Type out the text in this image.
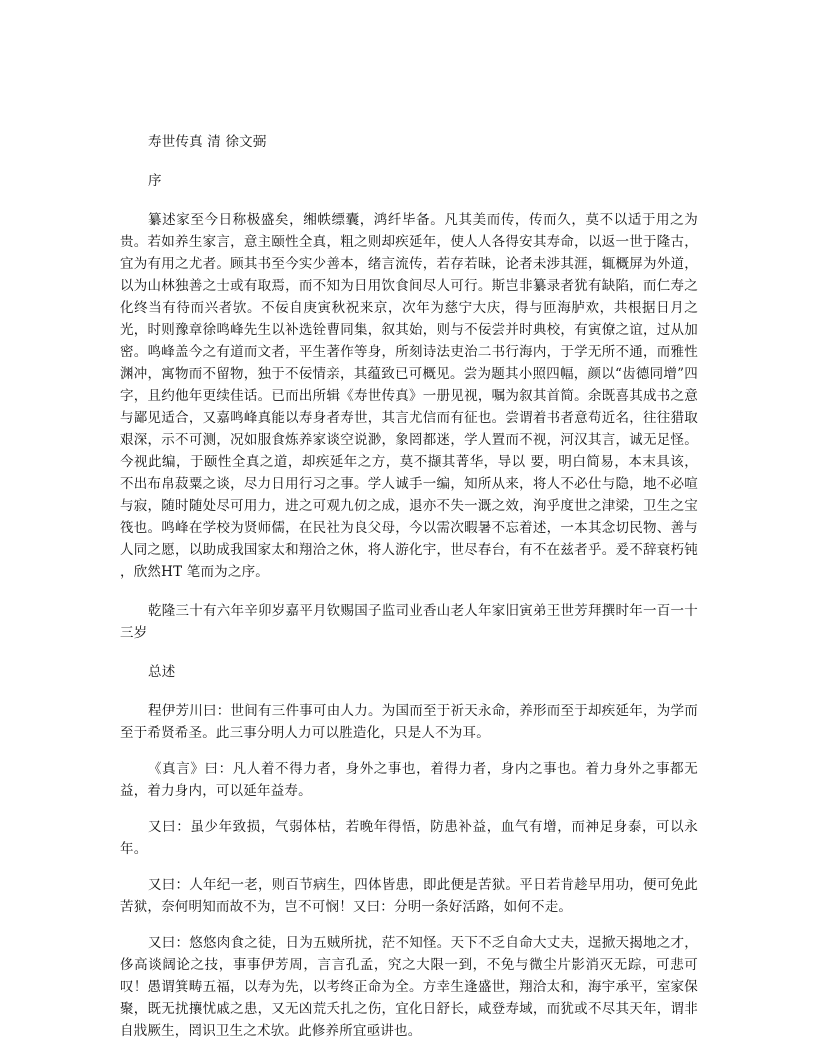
寿世传真 清 徐文弼

序

纂述家至今日称极盛矣，缃帙缥囊，鸿纤毕备。凡其美而传，传而久，莫不以适于用之为贵。若如养生家言，意主颐性全真，粗之则却疾延年，使人人各得安其寿命，以返一世于隆古，宜为有用之尤者。顾其书至今实少善本，绪言流传，若存若昧，论者未涉其涯，辄概屏为外道，以为山林独善之士或有取焉，而不知为日用饮食间尽人可行。斯岂非纂录者犹有缺陷，而仁寿之化终当有待而兴者欤。不佞自庚寅秋祝来京，次年为慈宁大庆，得与匝海胪欢，共根据日月之光，时则豫章徐鸣峰先生以补选铨曹同集，叙其始，则与不佞尝并时典校，有寅僚之谊，过从加密。鸣峰盖今之有道而文者，平生著作等身，所刻诗法吏治二书行海内，于学无所不通，而雅性渊冲，寓物而不留物，独于不佞情亲，其蕴致已可概见。尝为题其小照四幅，颜以“齿德同增”四字，且约他年更续佳话。已而出所辑《寿世传真》一册见视，嘱为叙其首简。余既喜其成书之意与鄙见适合，又嘉鸣峰真能以寿身者寿世，其言尤信而有征也。尝谓着书者意苟近名，往往猎取艰深，示不可测，况如服食炼养家谈空说渺，象罔都迷，学人置而不视，河汉其言，诚无足怪。今视此编，于颐性全真之道，却疾延年之方，莫不撷其菁华，导以 要，明白简易，本末具该，不出布帛菽粟之谈，尽力日用行习之事。学人诚手一编，知所从来，将人不必仕与隐，地不必喧与寂，随时随处尽可用力，进之可观九仞之成，退亦不失一溉之效，洵乎度世之津梁，卫生之宝筏也。鸣峰在学校为贤师儒，在民社为良父母，今以需次暇暑不忘着述，一本其念切民物、善与人同之愿，以助成我国家太和翔洽之休，将人游化宇，世尽春台，有不在兹者乎。爰不辞衰朽钝 ，欣然HT 笔而为之序。

乾隆三十有六年辛卯岁嘉平月钦赐国子监司业香山老人年家旧寅弟王世芳拜撰时年一百一十三岁

总述

程伊芳川曰：世间有三件事可由人力。为国而至于祈天永命，养形而至于却疾延年，为学而至于希贤希圣。此三事分明人力可以胜造化，只是人不为耳。

《真言》曰：凡人着不得力者，身外之事也，着得力者，身内之事也。着力身外之事都无益，着力身内，可以延年益寿。

又曰：虽少年致损，气弱体枯，若晚年得悟，防患补益，血气有增，而神足身泰，可以永年。

又曰：人年纪一老，则百节病生，四体皆患，即此便是苦狱。平日若肯趁早用功，便可免此苦狱，奈何明知而故不为，岂不可悯！又曰：分明一条好活路，如何不走。

又曰：悠悠肉食之徒，日为五贼所扰，茫不知怪。天下不乏自命大丈夫，逞掀天揭地之才，侈高谈阔论之技，事事伊芳周，言言孔孟，究之大限一到，不免与微尘片影消灭无踪，可悲可叹！愚谓箕畴五福，以寿为先，以考终正命为全。方幸生逢盛世，翔洽太和，海宇承平，室家保聚，既无扰攘忧戚之患，又无凶荒夭扎之伤，宜化日舒长，咸登寿域，而犹或不尽其天年，谓非自戕厥生，罔识卫生之术欤。此修养所宜亟讲也。
